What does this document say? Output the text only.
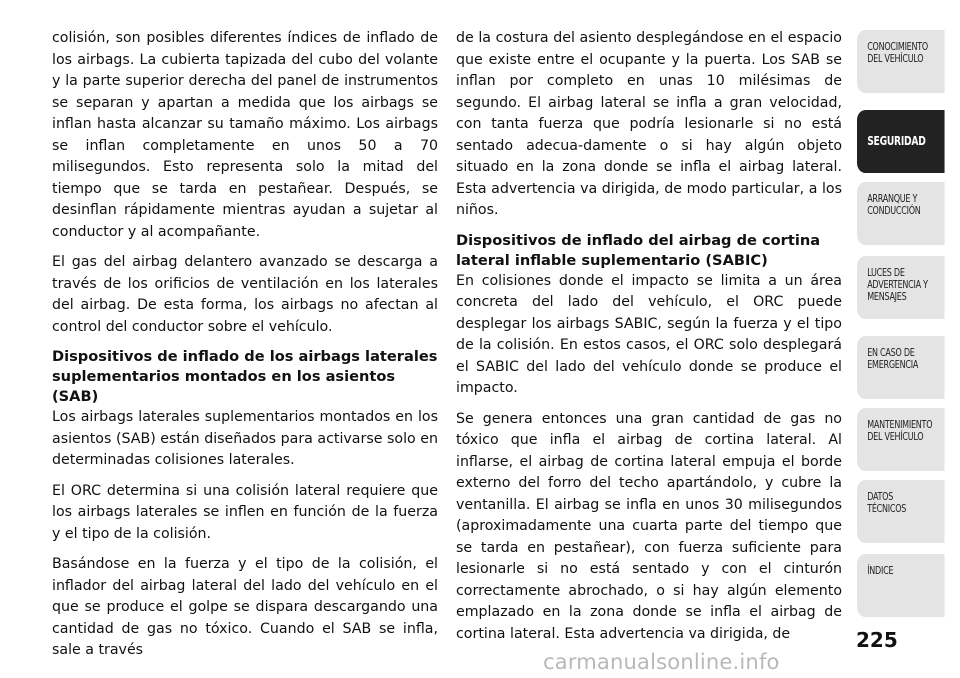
colisión, son posibles diferentes índices de inflado de los airbags. La cubierta tapizada del cubo del volante y la parte superior derecha del panel de instrumentos se separan y apartan a medida que los airbags se inflan hasta alcanzar su tamaño máximo. Los airbags se inflan completamente en unos 50 a 70 milisegundos. Esto representa solo la mitad del tiempo que se tarda en pestañear. Después, se desinflan rápidamente mientras ayudan a sujetar al conductor y al acompañante.

El gas del airbag delantero avanzado se descarga a través de los orificios de ventilación en los laterales del airbag. De esta forma, los airbags no afectan al control del conductor sobre el vehículo.

Dispositivos de inflado de los airbags laterales suplementarios montados en los asientos (SAB)

Los airbags laterales suplementarios montados en los asientos (SAB) están diseñados para activarse solo en determinadas colisiones laterales.

El ORC determina si una colisión lateral requiere que los airbags laterales se inflen en función de la fuerza y el tipo de la colisión.

Basándose en la fuerza y el tipo de la colisión, el inflador del airbag lateral del lado del vehículo en el que se produce el golpe se dispara descargando una cantidad de gas no tóxico. Cuando el SAB se infla, sale a través

de la costura del asiento desplegándose en el espacio que existe entre el ocupante y la puerta. Los SAB se inflan por completo en unas 10 milésimas de segundo. El airbag lateral se infla a gran velocidad, con tanta fuerza que podría lesionarle si no está sentado adecua-damente o si hay algún objeto situado en la zona donde se infla el airbag lateral. Esta advertencia va dirigida, de modo particular, a los niños.

Dispositivos de inflado del airbag de cortina lateral inflable suplementario (SABIC)

En colisiones donde el impacto se limita a un área concreta del lado del vehículo, el ORC puede desplegar los airbags SABIC, según la fuerza y el tipo de la colisión. En estos casos, el ORC solo desplegará el SABIC del lado del vehículo donde se produce el impacto.

Se genera entonces una gran cantidad de gas no tóxico que infla el airbag de cortina lateral. Al inflarse, el airbag de cortina lateral empuja el borde externo del forro del techo apartándolo, y cubre la ventanilla. El airbag se infla en unos 30 milisegundos (aproximadamente una cuarta parte del tiempo que se tarda en pestañear), con fuerza suficiente para lesionarle si no está sentado y con el cinturón correctamente abrochado, o si hay algún elemento emplazado en la zona donde se infla el airbag de cortina lateral. Esta advertencia va dirigida, de

CONOCIMIENTO
DEL VEHÍCULO
SEGURIDAD
ARRANQUE Y
CONDUCCIÓN
LUCES DE
ADVERTENCIA Y
MENSAJES
EN CASO DE
EMERGENCIA
MANTENIMIENTO
DEL VEHÍCULO
DATOS
TÉCNICOS
ÍNDICE
225
carmanualsonline.info
